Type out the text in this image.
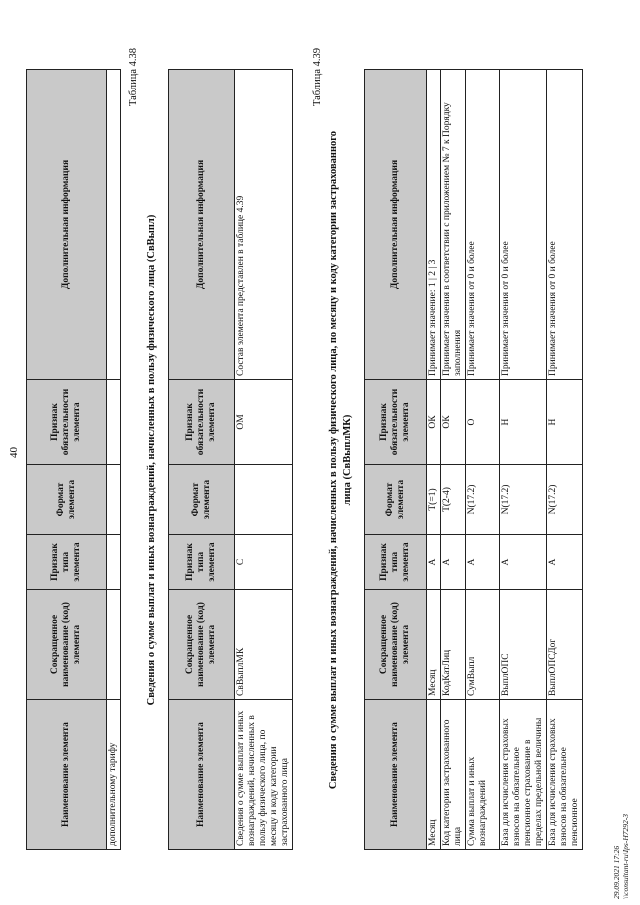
40
Наименование элемента	Сокращенное наименование (код) элемента	Признак типа элемента	Формат элемента	Признак обязательности элемента	Дополнительная информация
дополнительному тарифу					
Таблица 4.38
Сведения о сумме выплат и иных вознаграждений, начисленных в пользу физического лица (СвВыпл)
Наименование элемента	Сокращенное наименование (код) элемента	Признак типа элемента	Формат элемента	Признак обязательности элемента	Дополнительная информация
Сведения о сумме выплат и иных вознаграждений, начисленных в пользу физического лица, по месяцу и коду категории застрахованного лица	СвВыплМК	С		ОМ	Состав элемента представлен в таблице 4.39
Таблица 4.39
Сведения о сумме выплат и иных вознаграждений, начисленных в пользу физического лица, по месяцу и коду категории застрахованного лица (СвВыплМК)
Наименование элемента	Сокращенное наименование (код) элемента	Признак типа элемента	Формат элемента	Признак обязательности элемента	Дополнительная информация
Месяц	Месяц	А	T(=1)	ОК	Принимает значение: 1 | 2 | 3
Код категории застрахованного лица	КодКатЛиц	А	T(2-4)	ОК	Принимает значения в соответствии с приложением № 7 к Порядку заполнения
Сумма выплат и иных вознаграждений	СумВыпл	А	N(17.2)	О	Принимает значения от 0 и более
База для исчисления страховых взносов на обязательное пенсионное страхование в пределах предельной величины	ВыплОПС	А	N(17.2)	Н	Принимает значения от 0 и более
База для исчисления страховых взносов на обязательное пенсионное	ВыплОПСДог	А	N(17.2)	Н	Принимает значения от 0 и более
29.09.2021 17:26 \\consultant-ru\Ips-H7292-3
